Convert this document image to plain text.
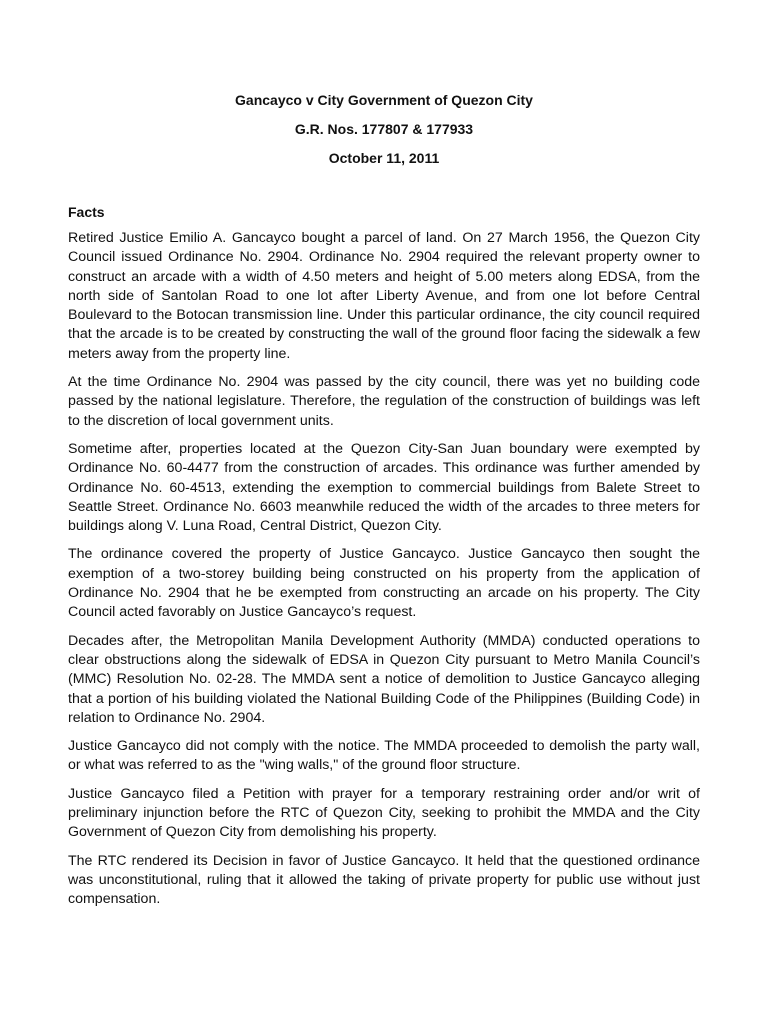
Gancayco v City Government of Quezon City

G.R. Nos. 177807 & 177933

October 11, 2011

Facts

Retired Justice Emilio A. Gancayco bought a parcel of land. On 27 March 1956, the Quezon City Council issued Ordinance No. 2904. Ordinance No. 2904 required the relevant property owner to construct an arcade with a width of 4.50 meters and height of 5.00 meters along EDSA, from the north side of Santolan Road to one lot after Liberty Avenue, and from one lot before Central Boulevard to the Botocan transmission line. Under this particular ordinance, the city council required that the arcade is to be created by constructing the wall of the ground floor facing the sidewalk a few meters away from the property line.

At the time Ordinance No. 2904 was passed by the city council, there was yet no building code passed by the national legislature. Therefore, the regulation of the construction of buildings was left to the discretion of local government units.

Sometime after, properties located at the Quezon City-San Juan boundary were exempted by Ordinance No. 60-4477 from the construction of arcades. This ordinance was further amended by Ordinance No. 60-4513, extending the exemption to commercial buildings from Balete Street to Seattle Street. Ordinance No. 6603 meanwhile reduced the width of the arcades to three meters for buildings along V. Luna Road, Central District, Quezon City.

The ordinance covered the property of Justice Gancayco. Justice Gancayco then sought the exemption of a two-storey building being constructed on his property from the application of Ordinance No. 2904 that he be exempted from constructing an arcade on his property. The City Council acted favorably on Justice Gancayco’s request.

Decades after, the Metropolitan Manila Development Authority (MMDA) conducted operations to clear obstructions along the sidewalk of EDSA in Quezon City pursuant to Metro Manila Council’s (MMC) Resolution No. 02-28. The MMDA sent a notice of demolition to Justice Gancayco alleging that a portion of his building violated the National Building Code of the Philippines (Building Code) in relation to Ordinance No. 2904.

Justice Gancayco did not comply with the notice. The MMDA proceeded to demolish the party wall, or what was referred to as the "wing walls," of the ground floor structure.

Justice Gancayco filed a Petition with prayer for a temporary restraining order and/or writ of preliminary injunction before the RTC of Quezon City, seeking to prohibit the MMDA and the City Government of Quezon City from demolishing his property.

The RTC rendered its Decision in favor of Justice Gancayco. It held that the questioned ordinance was unconstitutional, ruling that it allowed the taking of private property for public use without just compensation.
